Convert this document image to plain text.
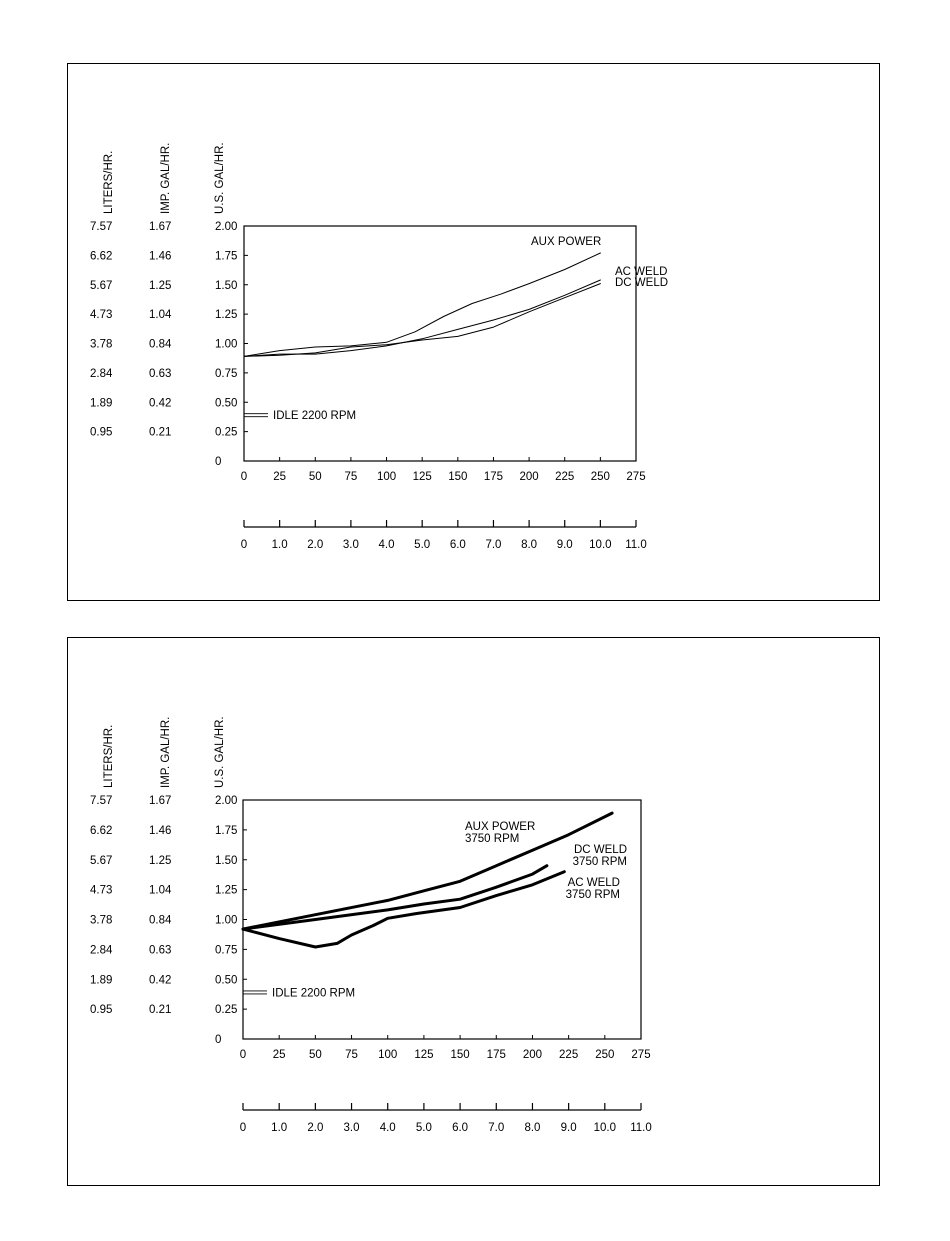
LITERS/HR.	IMP. GAL/HR.	U.S. GAL/HR.
2.00
1.75
1.50
1.25
1.00
0.75
0.50
0.25
0
7.57
6.62
5.67
4.73
3.78
2.84
1.89
0.95
1.67
1.46
1.25
1.04
0.84
0.63
0.42
0.21
0 25 50 75 100 125 150 175 200 225 250 275
0 1.0 2.0 3.0 4.0 5.0 6.0 7.0 8.0 9.0 10.0 11.0
IDLE 2200 RPM
AUX POWER
AC WELD
DC WELD
LITERS/HR.	IMP. GAL/HR.	U.S. GAL/HR.
2.00
1.75
1.50
1.25
1.00
0.75
0.50
0.25
0
7.57
6.62
5.67
4.73
3.78
2.84
1.89
0.95
1.67
1.46
1.25
1.04
0.84
0.63
0.42
0.21
0 25 50 75 100 125 150 175 200 225 250 275
0 1.0 2.0 3.0 4.0 5.0 6.0 7.0 8.0 9.0 10.0 11.0
IDLE 2200 RPM
AUX POWER
3750 RPM
DC WELD
3750 RPM
AC WELD
3750 RPM
